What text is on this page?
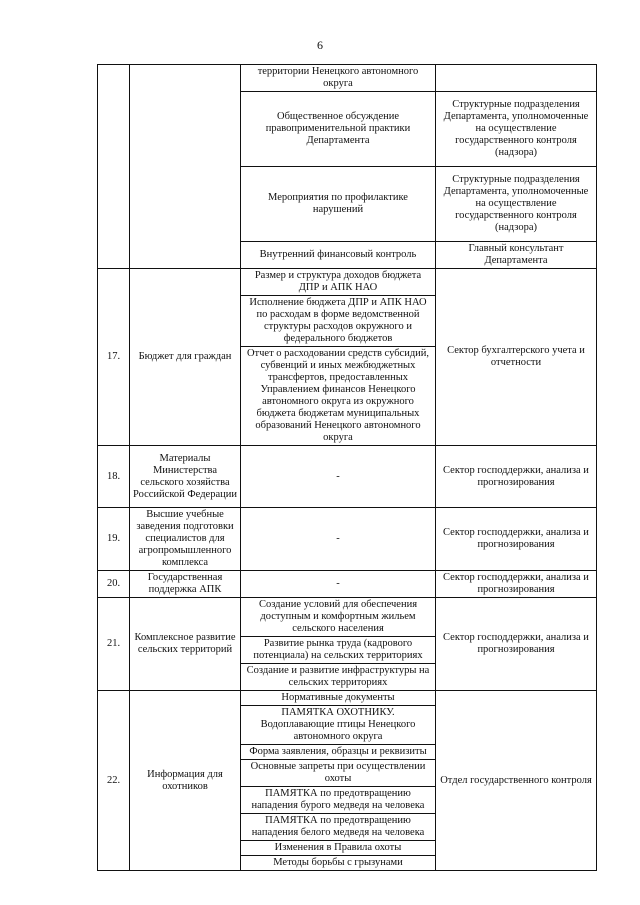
6
		территории Ненецкого автономного округа	
		Общественное обсуждение правоприменительной практики Департамента	Структурные подразделения Департамента, уполномоченные на осуществление государственного контроля (надзора)
		Мероприятия по профилактике нарушений	Структурные подразделения Департамента, уполномоченные на осуществление государственного контроля (надзора)
		Внутренний финансовый контроль	Главный консультант Департамента
17.	Бюджет для граждан	Размер и структура доходов бюджета ДПР и АПК НАО	Сектор бухгалтерского учета и отчетности
		Исполнение бюджета ДПР и АПК НАО по расходам в форме ведомственной структуры расходов окружного и федерального бюджетов	
		Отчет о расходовании средств субсидий, субвенций и иных межбюджетных трансфертов, предоставленных Управлением финансов Ненецкого автономного округа из окружного бюджета бюджетам муниципальных образований Ненецкого автономного округа	
18.	Материалы Министерства сельского хозяйства Российской Федерации	-	Сектор господдержки, анализа и прогнозирования
19.	Высшие учебные заведения подготовки специалистов для агропромышленного комплекса	-	Сектор господдержки, анализа и прогнозирования
20.	Государственная поддержка АПК	-	Сектор господдержки, анализа и прогнозирования
21.	Комплексное развитие сельских территорий	Создание условий для обеспечения доступным и комфортным жильем сельского населения	Сектор господдержки, анализа и прогнозирования
		Развитие рынка труда (кадрового потенциала) на сельских территориях	
		Создание и развитие инфраструктуры на сельских территориях	
22.	Информация для охотников	Нормативные документы	Отдел государственного контроля
		ПАМЯТКА ОХОТНИКУ. Водоплавающие птицы Ненецкого автономного округа	
		Форма заявления, образцы и реквизиты	
		Основные запреты при осуществлении охоты	
		ПАМЯТКА по предотвращению нападения бурого медведя на человека	
		ПАМЯТКА по предотвращению нападения белого медведя на человека	
		Изменения в Правила охоты	
		Методы борьбы с грызунами	
